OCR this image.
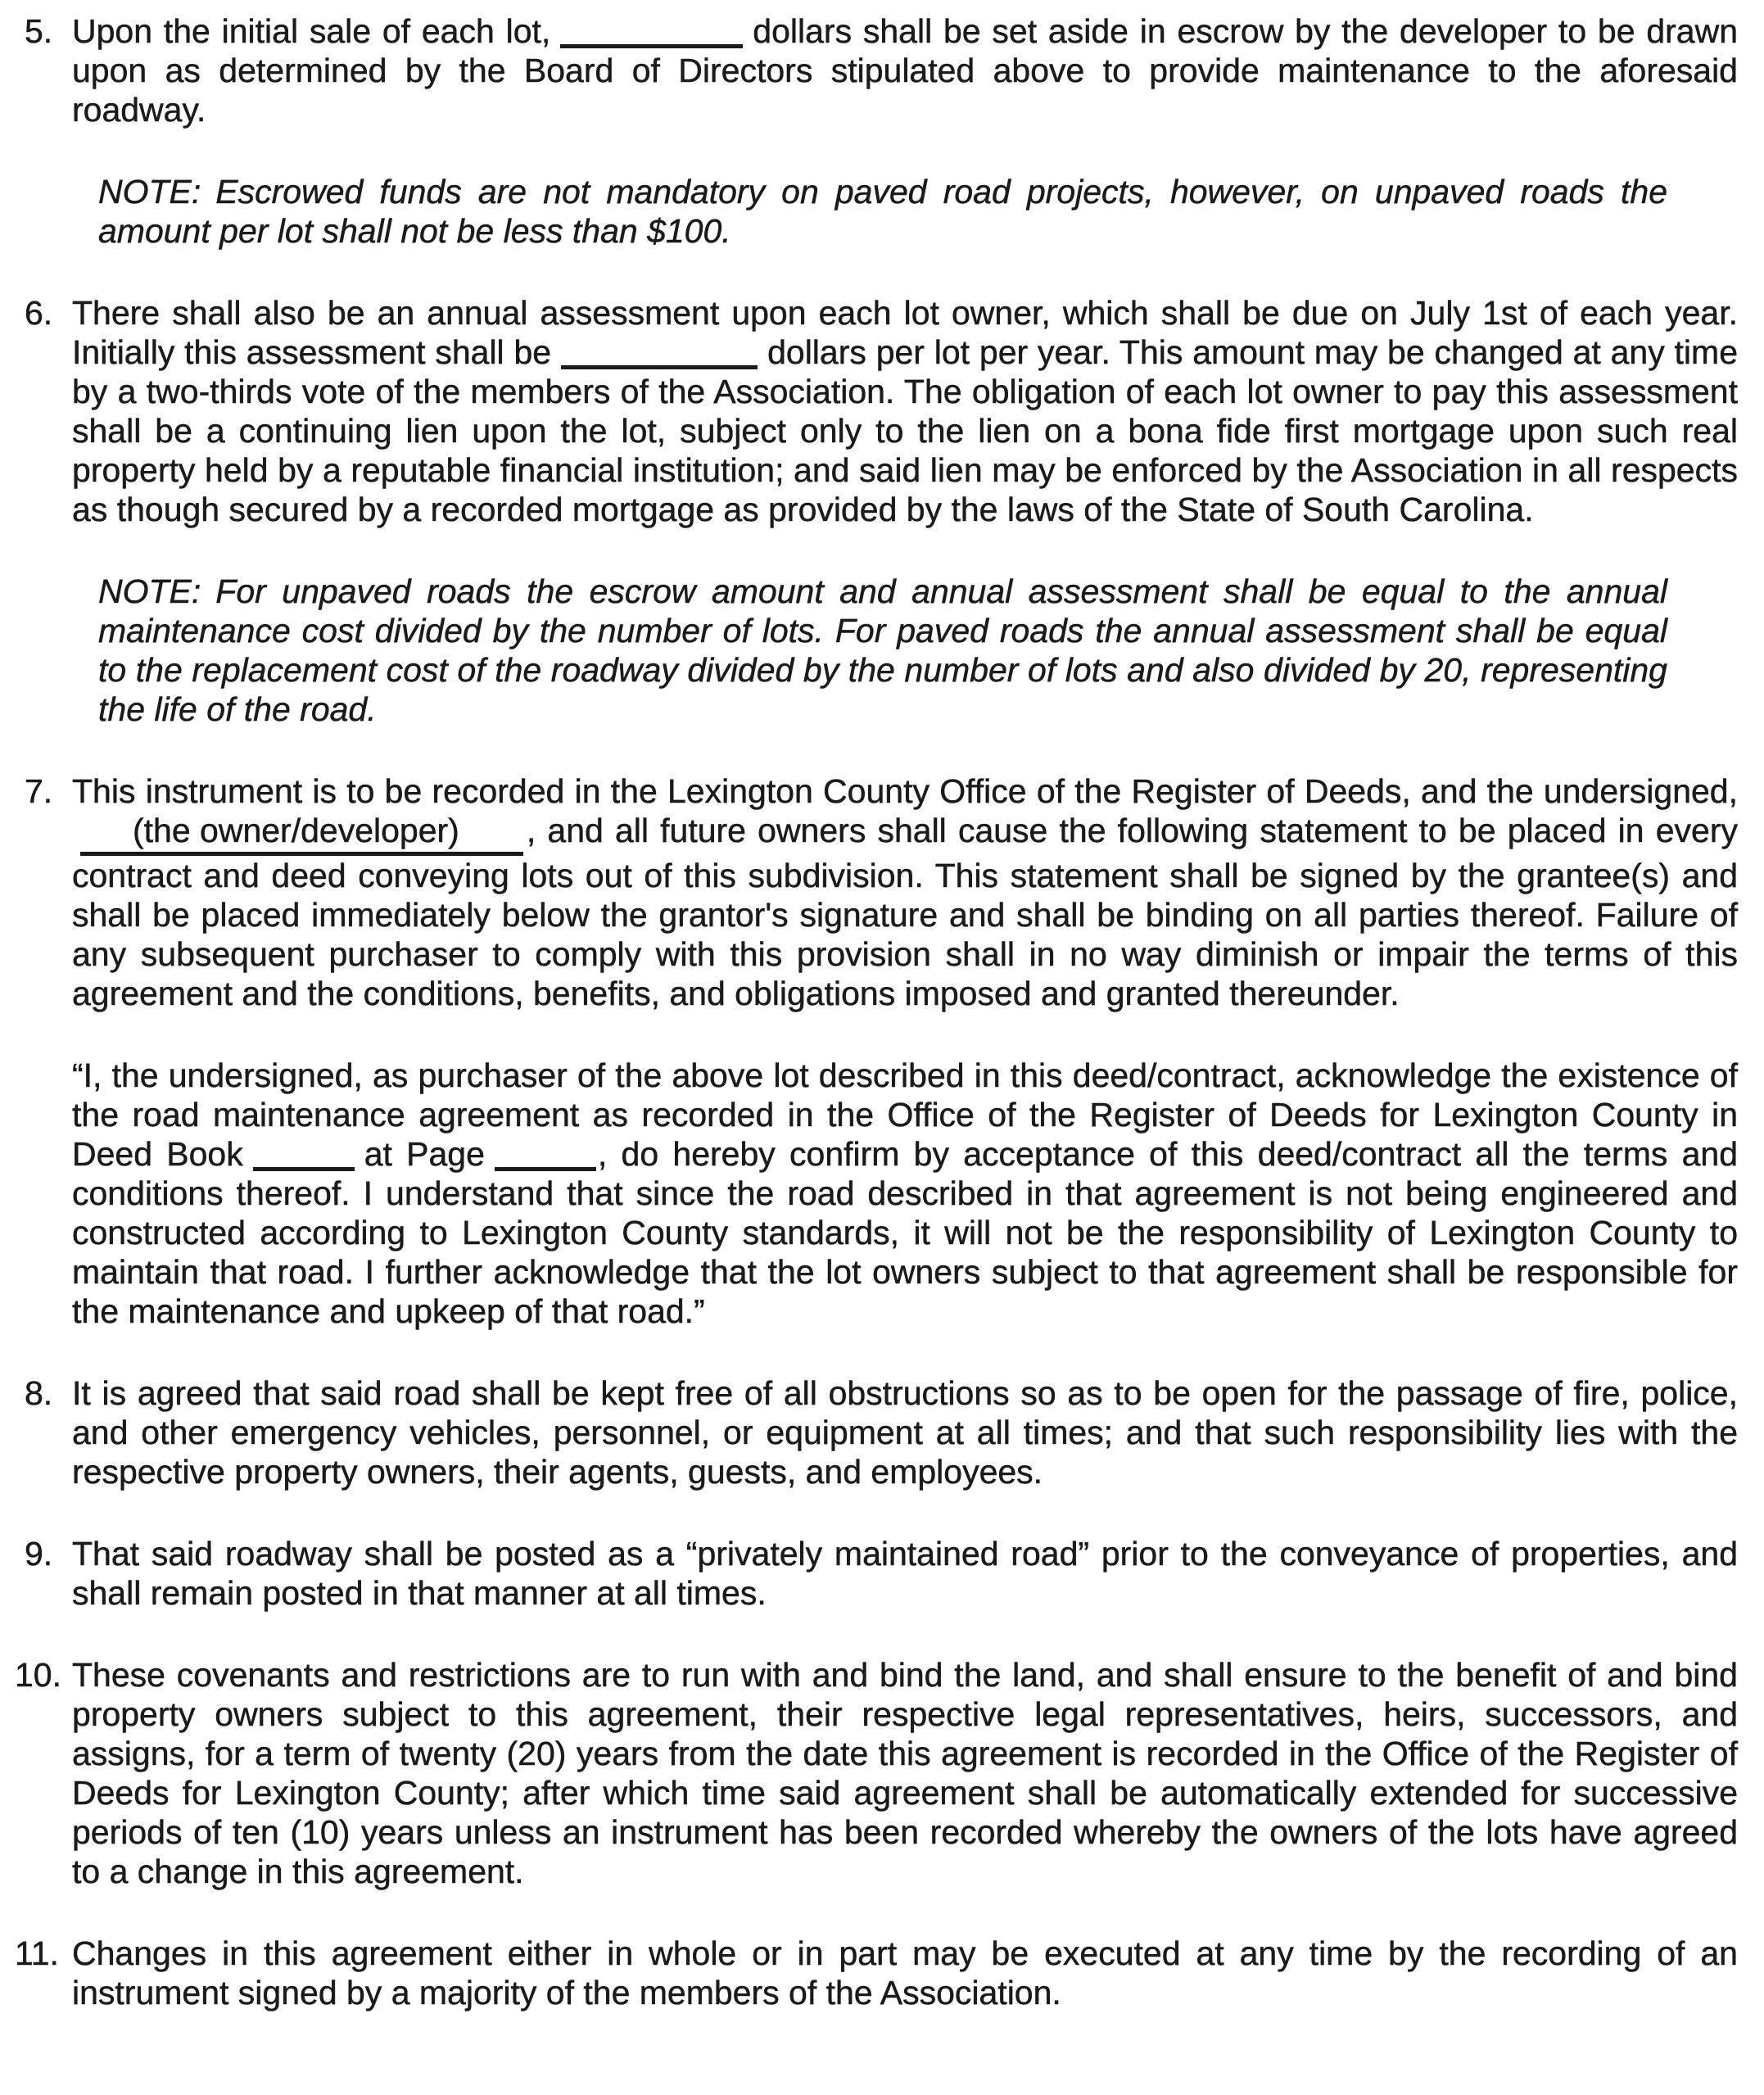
5. Upon the initial sale of each lot,	dollars shall be set aside in escrow by the developer to be drawn upon as determined by the Board of Directors stipulated above to provide maintenance to the aforesaid roadway.

NOTE: Escrowed funds are not mandatory on paved road projects, however, on unpaved roads the amount per lot shall not be less than $100.

6. There shall also be an annual assessment upon each lot owner, which shall be due on July 1st of each year. Initially this assessment shall be	dollars per lot per year. This amount may be changed at any time by a two-thirds vote of the members of the Association. The obligation of each lot owner to pay this assessment shall be a continuing lien upon the lot, subject only to the lien on a bona fide first mortgage upon such real property held by a reputable financial institution; and said lien may be enforced by the Association in all respects as though secured by a recorded mortgage as provided by the laws of the State of South Carolina.

NOTE: For unpaved roads the escrow amount and annual assessment shall be equal to the annual maintenance cost divided by the number of lots. For paved roads the annual assessment shall be equal to the replacement cost of the roadway divided by the number of lots and also divided by 20, representing the life of the road.

7. This instrument is to be recorded in the Lexington County Office of the Register of Deeds, and the undersigned,(the owner/developer) , and all future owners shall cause the following statement to be placed in every contract and deed conveying lots out of this subdivision. This statement shall be signed by the grantee(s) and shall be placed immediately below the grantor's signature and shall be binding on all parties thereof. Failure of any subsequent purchaser to comply with this provision shall in no way diminish or impair the terms of this agreement and the conditions, benefits, and obligations imposed and granted thereunder.

“I, the undersigned, as purchaser of the above lot described in this deed/contract, acknowledge the existence of the road maintenance agreement as recorded in the Office of the Register of Deeds for Lexington County in Deed Book	at Page	, do hereby confirm by acceptance of this deed/contract all the terms and conditions thereof. I understand that since the road described in that agreement is not being engineered and constructed according to Lexington County standards, it will not be the responsibility of Lexington County to maintain that road. I further acknowledge that the lot owners subject to that agreement shall be responsible for the maintenance and upkeep of that road.”

8. It is agreed that said road shall be kept free of all obstructions so as to be open for the passage of fire, police, and other emergency vehicles, personnel, or equipment at all times; and that such responsibility lies with the respective property owners, their agents, guests, and employees.

9. That said roadway shall be posted as a “privately maintained road” prior to the conveyance of properties, and shall remain posted in that manner at all times.

10. These covenants and restrictions are to run with and bind the land, and shall ensure to the benefit of and bind property owners subject to this agreement, their respective legal representatives, heirs, successors, and assigns, for a term of twenty (20) years from the date this agreement is recorded in the Office of the Register of Deeds for Lexington County; after which time said agreement shall be automatically extended for successive periods of ten (10) years unless an instrument has been recorded whereby the owners of the lots have agreed to a change in this agreement.

11. Changes in this agreement either in whole or in part may be executed at any time by the recording of an instrument signed by a majority of the members of the Association.
